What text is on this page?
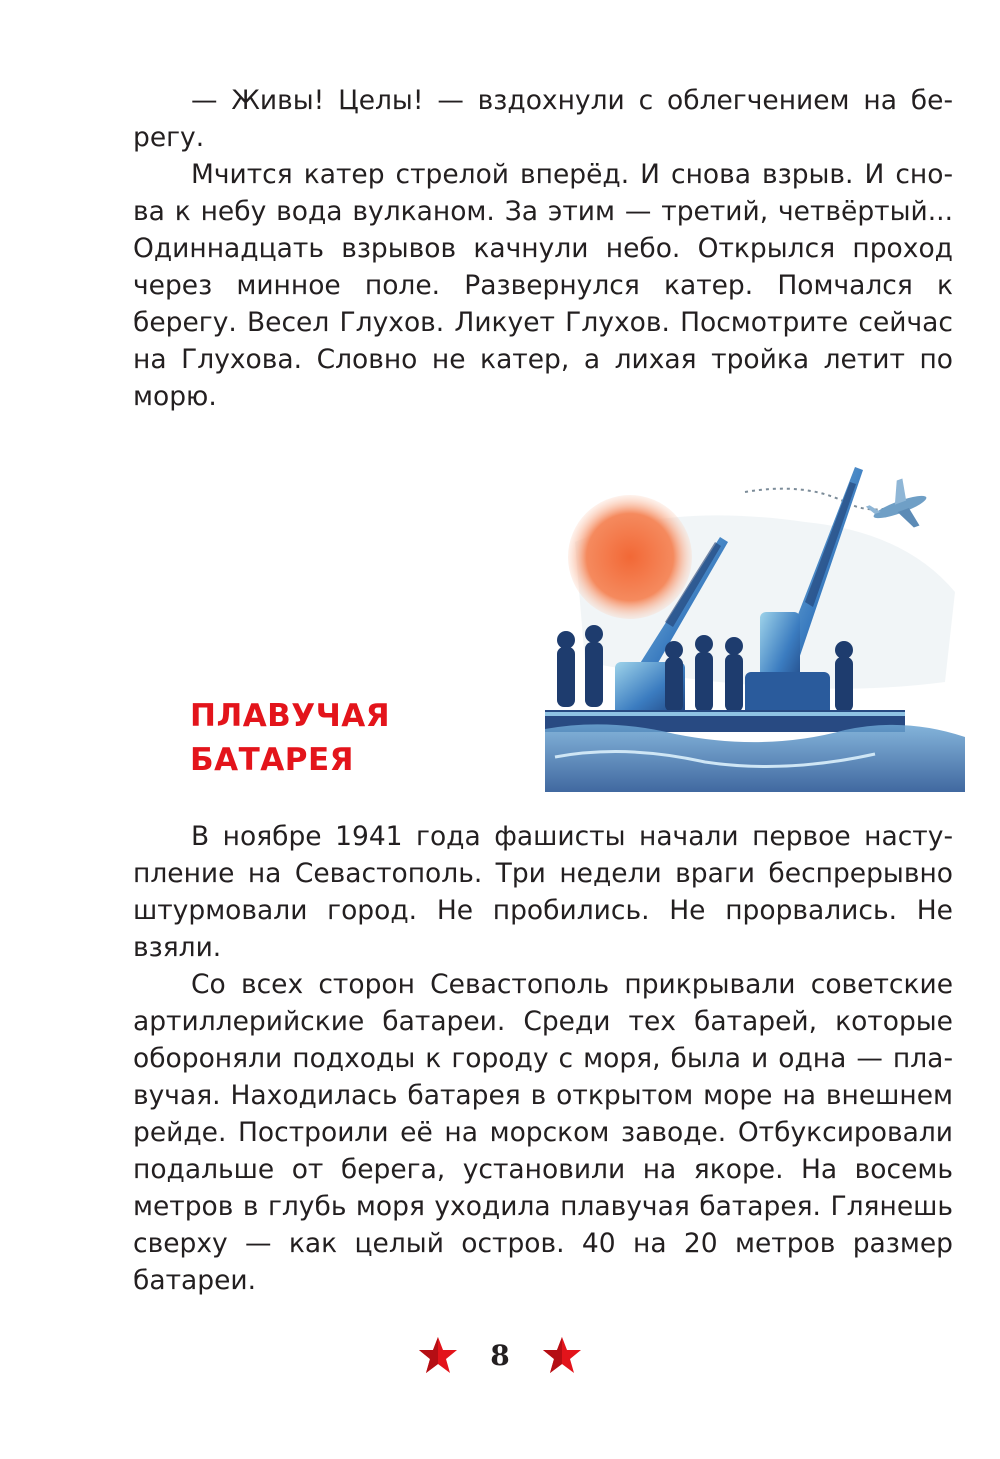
— Живы! Целы! — вздохнули с облегчением на берегу.

Мчится катер стрелой вперёд. И снова взрыв. И снова к небу вода вулканом. За этим — третий, четвёртый... Одиннадцать взрывов качнули небо. Открылся проход через минное поле. Развернулся катер. Помчался к берегу. Весел Глухов. Ликует Глухов. Посмотрите сейчас на Глухова. Словно не катер, а лихая тройка летит по морю.

ПЛАВУЧАЯ
БАТАРЕЯ

В ноябре 1941 года фашисты начали первое наступление на Севастополь. Три недели враги беспрерывно штурмовали город. Не пробились. Не прорвались. Не взяли.

Со всех сторон Севастополь прикрывали советские артиллерийские батареи. Среди тех батарей, которые обороняли подходы к городу с моря, была и одна — плавучая. Находилась батарея в открытом море на внешнем рейде. Построили её на морском заводе. Отбуксировали подальше от берега, установили на якоре. На восемь метров в глубь моря уходила плавучая батарея. Глянешь сверху — как целый остров. 40 на 20 метров размер батареи.

8
